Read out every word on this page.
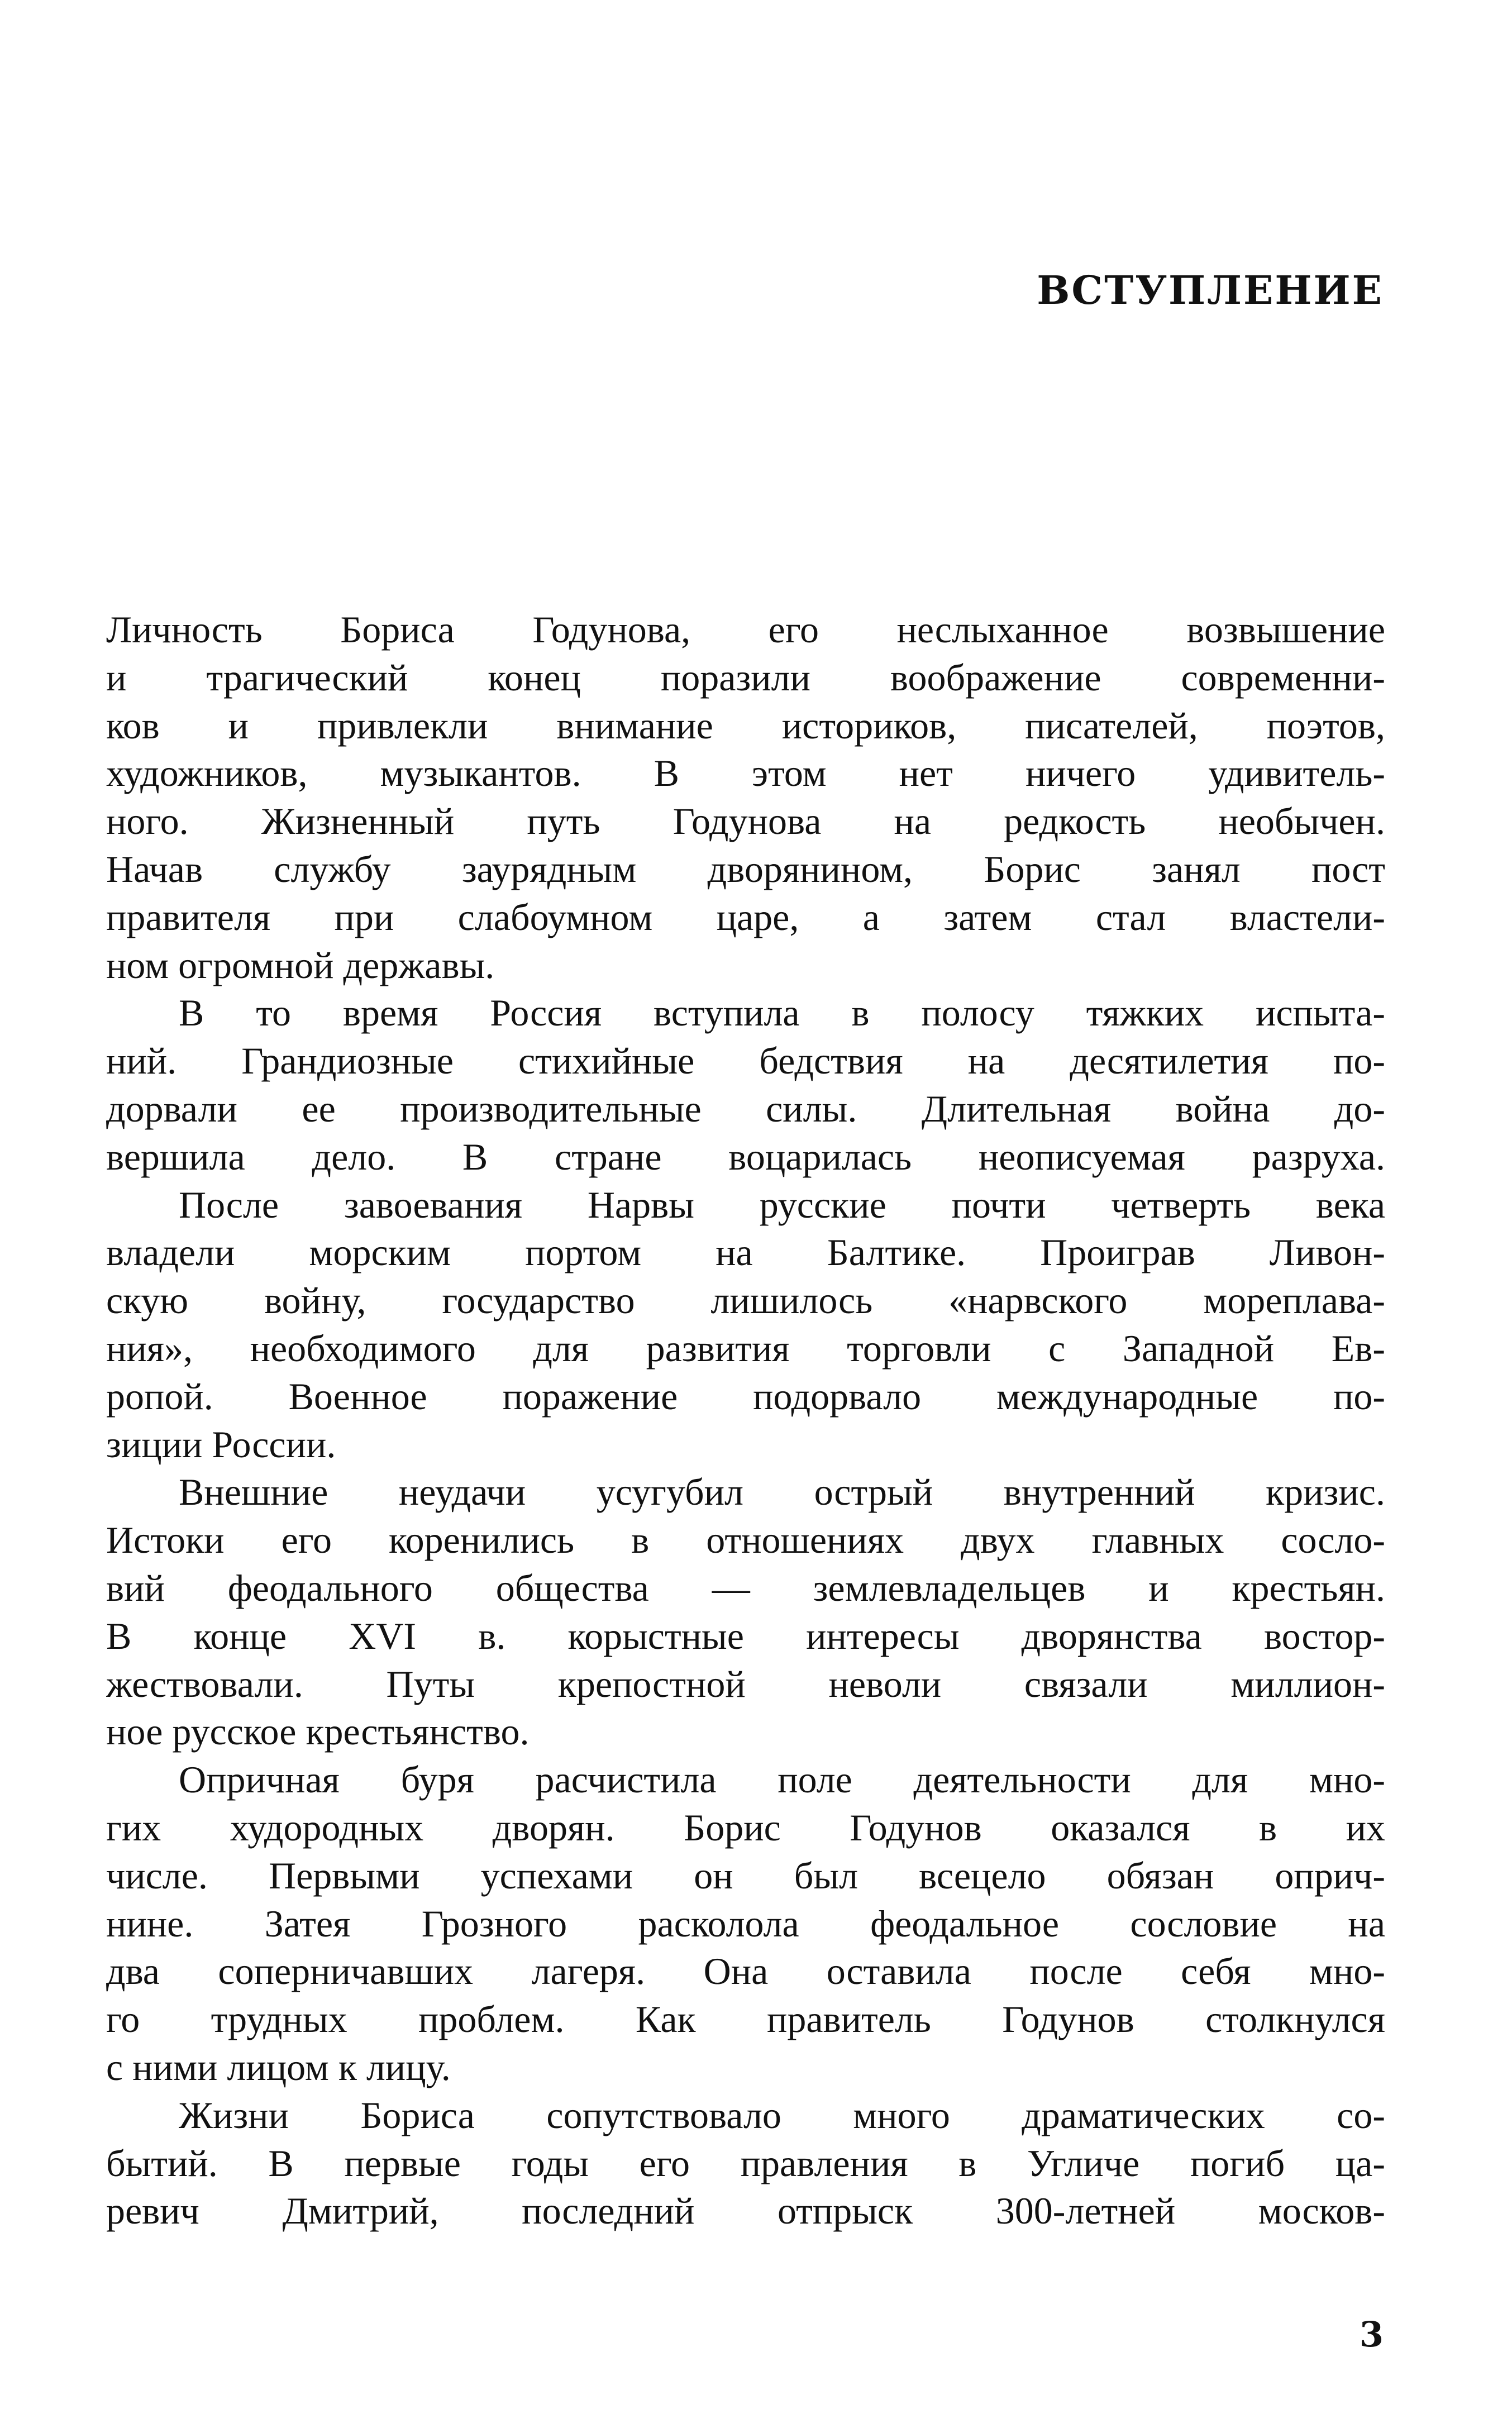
ВСТУПЛЕНИЕ
Личность Бориса Годунова, его неслыханное возвышение
и трагический конец поразили воображение современни-
ков и привлекли внимание историков, писателей, поэтов,
художников, музыкантов. В этом нет ничего удивитель-
ного. Жизненный путь Годунова на редкость необычен.
Начав службу заурядным дворянином, Борис занял пост
правителя при слабоумном царе, а затем стал властели-
ном огромной державы.
В то время Россия вступила в полосу тяжких испыта-
ний. Грандиозные стихийные бедствия на десятилетия по-
дорвали ее производительные силы. Длительная война до-
вершила дело. В стране воцарилась неописуемая разруха.
После завоевания Нарвы русские почти четверть века
владели морским портом на Балтике. Проиграв Ливон-
скую войну, государство лишилось «нарвского мореплава-
ния», необходимого для развития торговли с Западной Ев-
ропой. Военное поражение подорвало международные по-
зиции России.
Внешние неудачи усугубил острый внутренний кризис.
Истоки его коренились в отношениях двух главных сосло-
вий феодального общества — землевладельцев и крестьян.
В конце XVI в. корыстные интересы дворянства востор-
жествовали. Путы крепостной неволи связали миллион-
ное русское крестьянство.
Опричная буря расчистила поле деятельности для мно-
гих худородных дворян. Борис Годунов оказался в их
числе. Первыми успехами он был всецело обязан оприч-
нине. Затея Грозного расколола феодальное сословие на
два соперничавших лагеря. Она оставила после себя мно-
го трудных проблем. Как правитель Годунов столкнулся
с ними лицом к лицу.
Жизни Бориса сопутствовало много драматических со-
бытий. В первые годы его правления в Угличе погиб ца-
ревич Дмитрий, последний отпрыск 300-летней москов-
3
